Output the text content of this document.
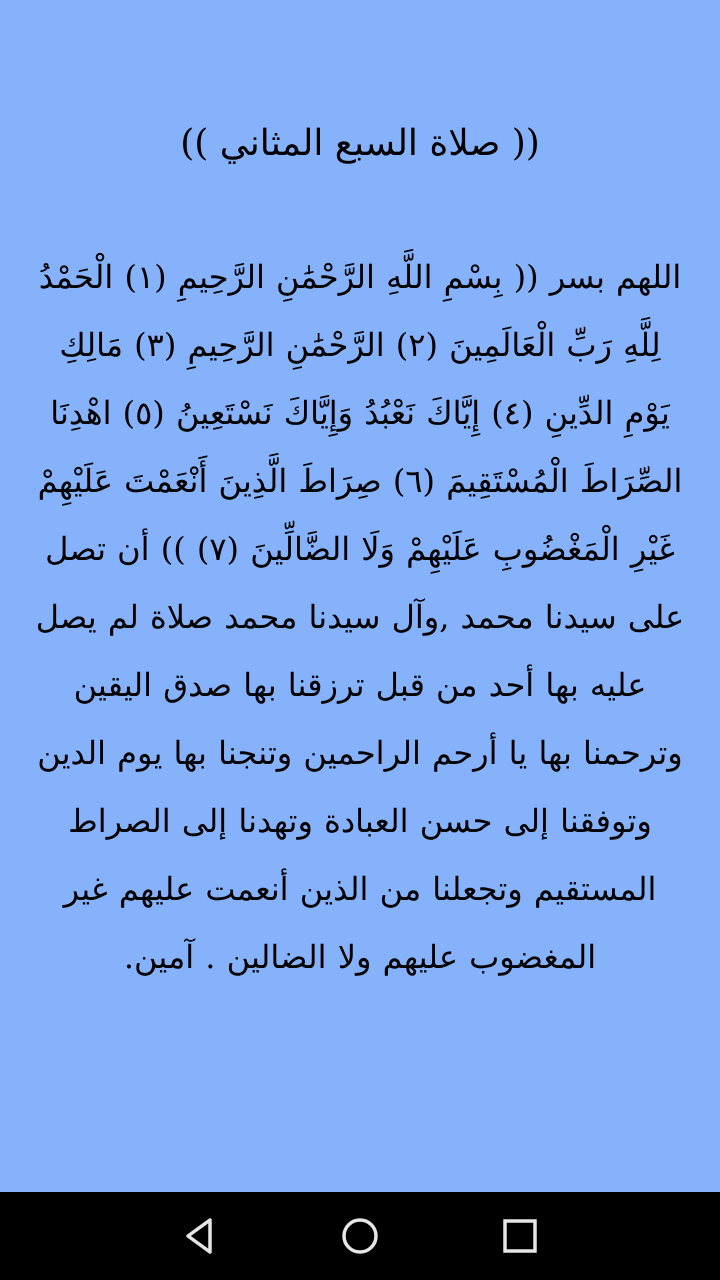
(( صلاة السبع المثاني ))

اللهم بسر (( بِسْمِ اللَّهِ الرَّحْمَٰنِ الرَّحِيمِ (١) الْحَمْدُ لِلَّهِ رَبِّ الْعَالَمِينَ (٢) الرَّحْمَٰنِ الرَّحِيمِ (٣) مَالِكِ يَوْمِ الدِّينِ (٤) إِيَّاكَ نَعْبُدُ وَإِيَّاكَ نَسْتَعِينُ (٥) اهْدِنَا الصِّرَاطَ الْمُسْتَقِيمَ (٦) صِرَاطَ الَّذِينَ أَنْعَمْتَ عَلَيْهِمْ غَيْرِ الْمَغْضُوبِ عَلَيْهِمْ وَلَا الضَّالِّينَ (٧) )) أن تصل على سيدنا محمد ,وآل سيدنا محمد صلاة لم يصل عليه بها أحد من قبل ترزقنا بها صدق اليقين وترحمنا بها يا أرحم الراحمين وتنجنا بها يوم الدين وتوفقنا إلى حسن العبادة وتهدنا إلى الصراط المستقيم وتجعلنا من الذين أنعمت عليهم غير المغضوب عليهم ولا الضالين . آمين.
